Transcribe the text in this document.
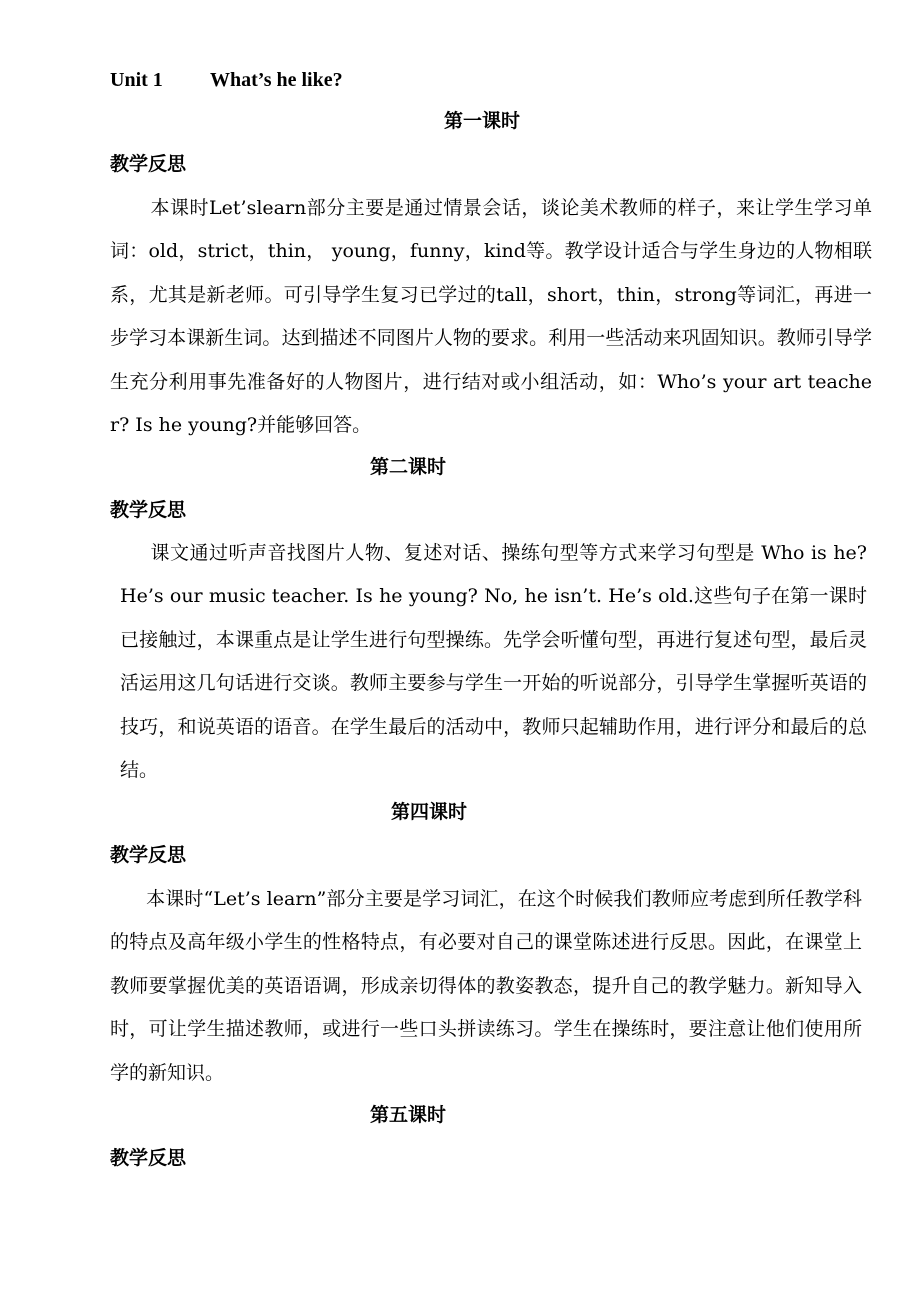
Unit 1 What’s he like?
第一课时
教学反思

本课时Let’slearn部分主要是通过情景会话，谈论美术教师的样子，来让学生学习单词：old，strict，thin， young，funny，kind等。教学设计适合与学生身边的人物相联系，尤其是新老师。可引导学生复习已学过的tall，short，thin，strong等词汇，再进一步学习本课新生词。达到描述不同图片人物的要求。利用一些活动来巩固知识。教师引导学生充分利用事先准备好的人物图片，进行结对或小组活动，如：Who’s your art teacher? Is he young?并能够回答。

第二课时
教学反思

课文通过听声音找图片人物、复述对话、操练句型等方式来学习句型是 Who is he? He’s our music teacher. Is he young? No, he isn’t. He’s old.这些句子在第一课时已接触过，本课重点是让学生进行句型操练。先学会听懂句型，再进行复述句型，最后灵活运用这几句话进行交谈。教师主要参与学生一开始的听说部分，引导学生掌握听英语的技巧，和说英语的语音。在学生最后的活动中，教师只起辅助作用，进行评分和最后的总结。

第四课时
教学反思

本课时“Let’s learn”部分主要是学习词汇，在这个时候我们教师应考虑到所任教学科的特点及高年级小学生的性格特点，有必要对自己的课堂陈述进行反思。因此，在课堂上教师要掌握优美的英语语调，形成亲切得体的教姿教态，提升自己的教学魅力。新知导入时，可让学生描述教师，或进行一些口头拼读练习。学生在操练时，要注意让他们使用所学的新知识。

第五课时
教学反思
